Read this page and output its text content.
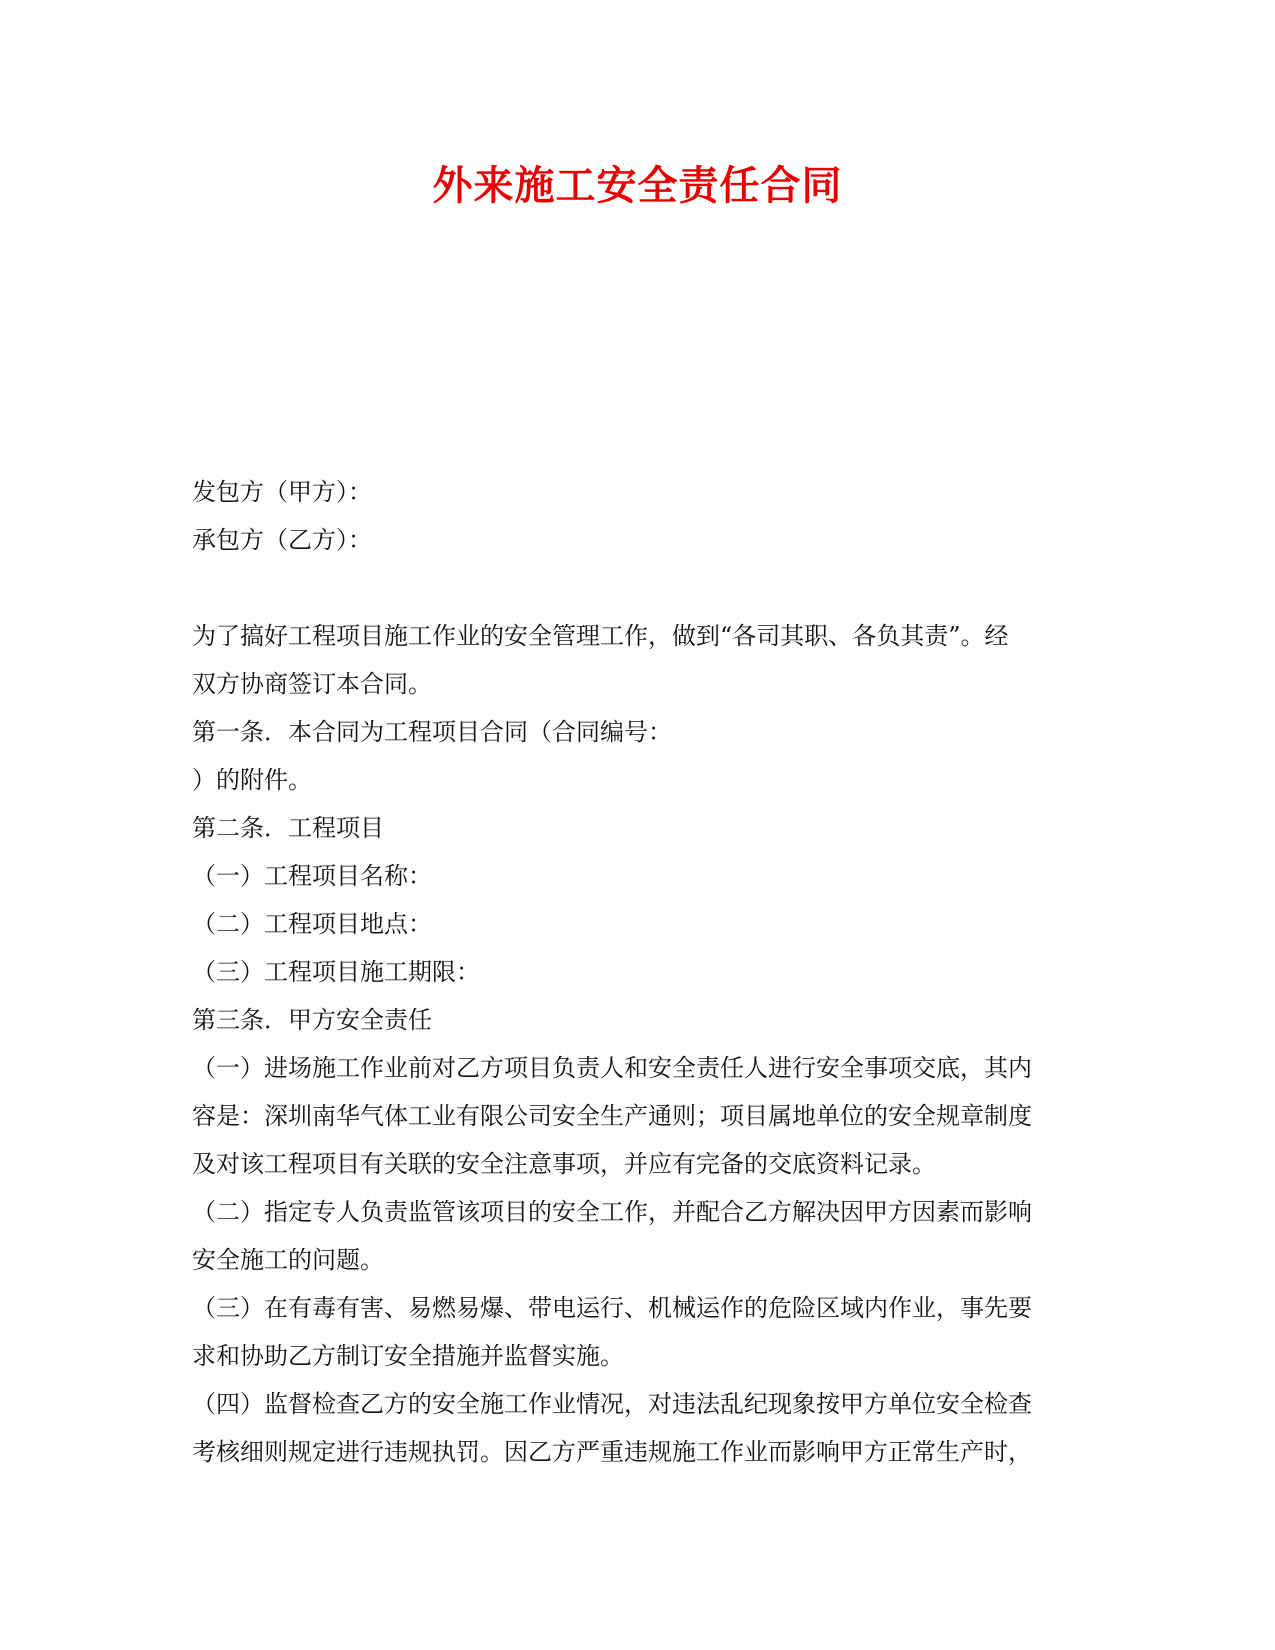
外来施工安全责任合同
发包方（甲方）：
承包方（乙方）：
为了搞好工程项目施工作业的安全管理工作，做到“各司其职、各负其责”。经
双方协商签订本合同。
第一条．本合同为工程项目合同（合同编号：
）的附件。
第二条．工程项目
（一）工程项目名称：
（二）工程项目地点：
（三）工程项目施工期限：
第三条．甲方安全责任
（一）进场施工作业前对乙方项目负责人和安全责任人进行安全事项交底，其内
容是：深圳南华气体工业有限公司安全生产通则；项目属地单位的安全规章制度
及对该工程项目有关联的安全注意事项，并应有完备的交底资料记录。
（二）指定专人负责监管该项目的安全工作，并配合乙方解决因甲方因素而影响
安全施工的问题。
（三）在有毒有害、易燃易爆、带电运行、机械运作的危险区域内作业，事先要
求和协助乙方制订安全措施并监督实施。
（四）监督检查乙方的安全施工作业情况，对违法乱纪现象按甲方单位安全检查
考核细则规定进行违规执罚。因乙方严重违规施工作业而影响甲方正常生产时，
